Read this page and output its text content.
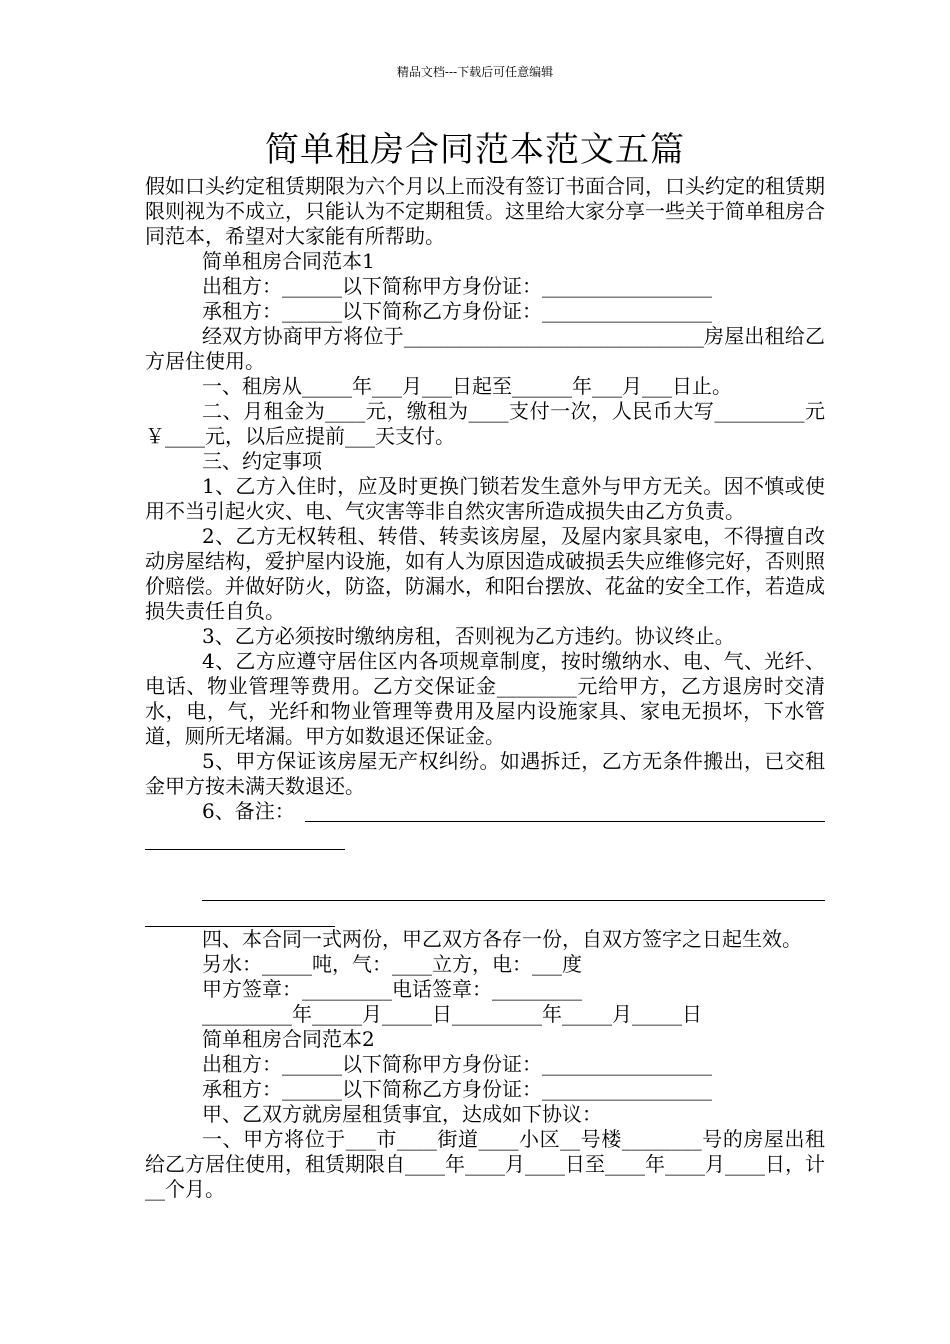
精品文档---下载后可任意编辑
简单租房合同范本范文五篇

假如口头约定租赁期限为六个月以上而没有签订书面合同，口头约定的租赁期限则视为不成立，只能认为不定期租赁。这里给大家分享一些关于简单租房合同范本，希望对大家能有所帮助。

简单租房合同范本1

出租方：______以下简称甲方身份证：_________________

承租方：______以下简称乙方身份证：_________________

经双方协商甲方将位于______________________________房屋出租给乙方居住使用。

一、租房从_____年___月___日起至______年___月___日止。

二、月租金为____元，缴租为____支付一次，人民币大写_________元￥____元，以后应提前___天支付。

三、约定事项

1、乙方入住时，应及时更换门锁若发生意外与甲方无关。因不慎或使用不当引起火灾、电、气灾害等非自然灾害所造成损失由乙方负责。

2、乙方无权转租、转借、转卖该房屋，及屋内家具家电，不得擅自改动房屋结构，爱护屋内设施，如有人为原因造成破损丢失应维修完好，否则照价赔偿。并做好防火，防盗，防漏水，和阳台摆放、花盆的安全工作，若造成损失责任自负。

3、乙方必须按时缴纳房租，否则视为乙方违约。协议终止。

4、乙方应遵守居住区内各项规章制度，按时缴纳水、电、气、光纤、电话、物业管理等费用。乙方交保证金________元给甲方，乙方退房时交清水，电，气，光纤和物业管理等费用及屋内设施家具、家电无损坏，下水管道，厕所无堵漏。甲方如数退还保证金。

5、甲方保证该房屋无产权纠纷。如遇拆迁，乙方无条件搬出，已交租金甲方按未满天数退还。

6、备注：

四、本合同一式两份，甲乙双方各存一份，自双方签字之日起生效。

另水：_____吨，气：____立方，电：___度

甲方签章：_________电话签章：_________

_________年_____月_____日_________年_____月_____日

简单租房合同范本2

出租方：______以下简称甲方身份证：_________________

承租方：______以下简称乙方身份证：_________________

甲、乙双方就房屋租赁事宜，达成如下协议：

一、甲方将位于___市____街道____小区__号楼________号的房屋出租给乙方居住使用，租赁期限自____年____月____日至____年____月____日，计__个月。
